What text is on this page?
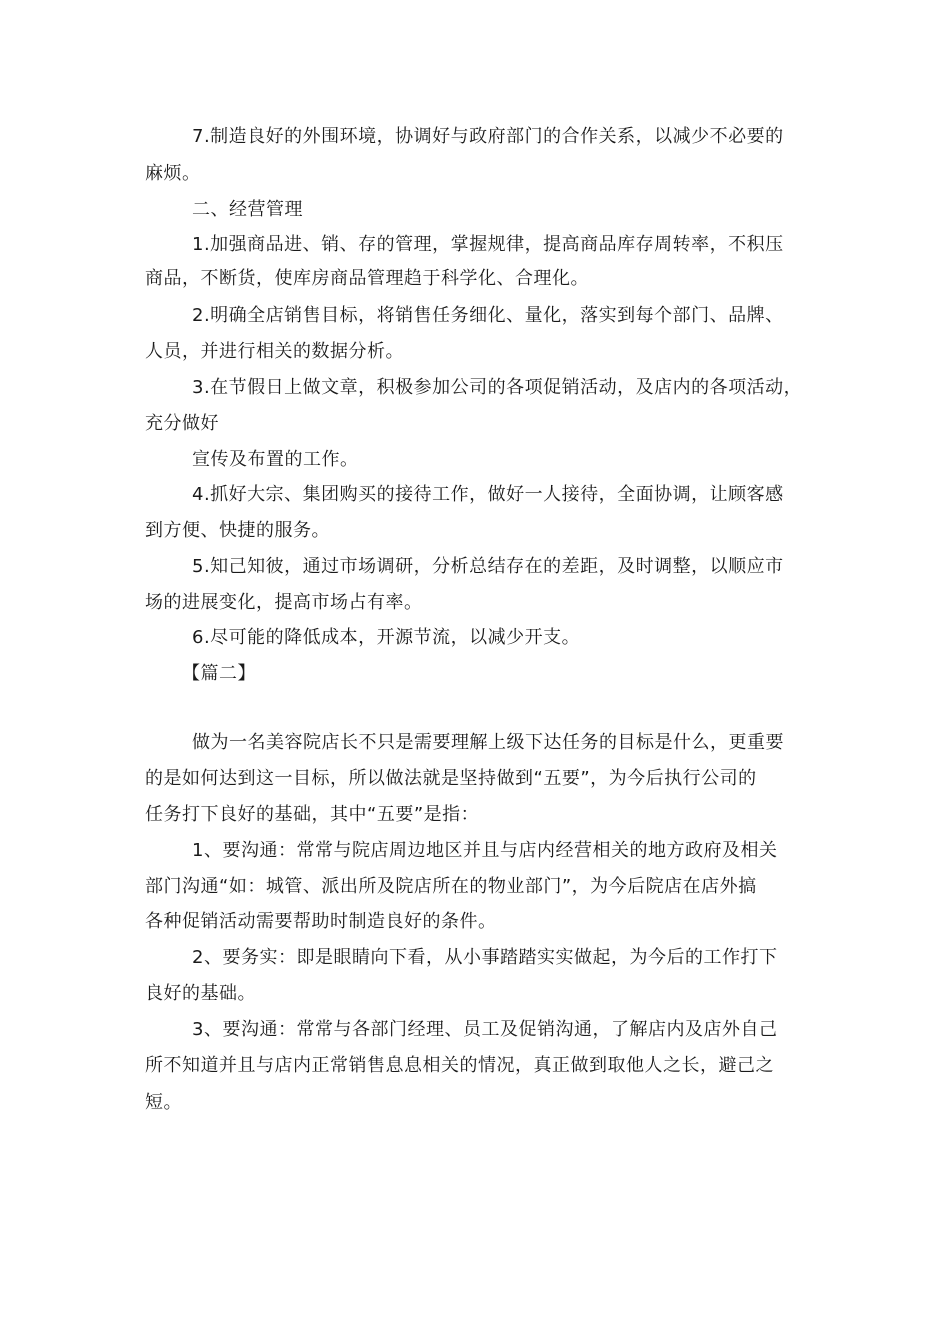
7.制造良好的外围环境，协调好与政府部门的合作关系，以减少不必要的
麻烦。
二、经营管理
1.加强商品进、销、存的管理，掌握规律，提高商品库存周转率，不积压
商品，不断货，使库房商品管理趋于科学化、合理化。
2.明确全店销售目标，将销售任务细化、量化，落实到每个部门、品牌、
人员，并进行相关的数据分析。
3.在节假日上做文章，积极参加公司的各项促销活动，及店内的各项活动，
充分做好
宣传及布置的工作。
4.抓好大宗、集团购买的接待工作，做好一人接待，全面协调，让顾客感
到方便、快捷的服务。
5.知己知彼，通过市场调研，分析总结存在的差距，及时调整，以顺应市
场的进展变化，提高市场占有率。
6.尽可能的降低成本，开源节流，以减少开支。
【篇二】
做为一名美容院店长不只是需要理解上级下达任务的目标是什么，更重要
的是如何达到这一目标，所以做法就是坚持做到“五要”，为今后执行公司的
任务打下良好的基础，其中“五要”是指：
1、要沟通：常常与院店周边地区并且与店内经营相关的地方政府及相关
部门沟通“如：城管、派出所及院店所在的物业部门”，为今后院店在店外搞
各种促销活动需要帮助时制造良好的条件。
2、要务实：即是眼睛向下看，从小事踏踏实实做起，为今后的工作打下
良好的基础。
3、要沟通：常常与各部门经理、员工及促销沟通，了解店内及店外自己
所不知道并且与店内正常销售息息相关的情况，真正做到取他人之长，避己之
短。
